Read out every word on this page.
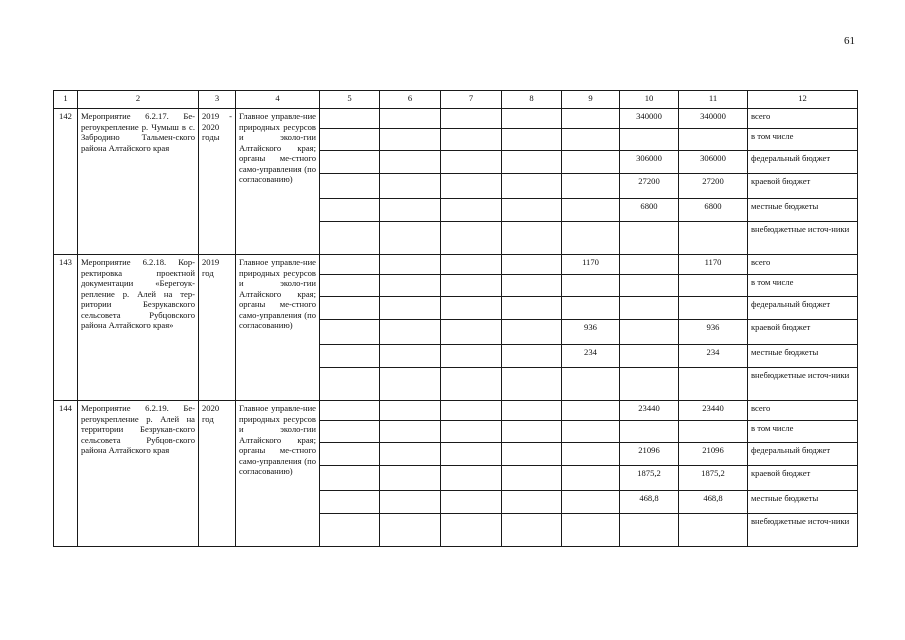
61
1	2	3	4	5	6	7	8	9	10	11	12
142	Мероприятие 6.2.17. Бе-регоукрепление р. Чумыш в с. Забродино Тальмен-ского района Алтайского края	2019 - 2020 годы	Главное управле-ние природных ресурсов и эколо-гии Алтайского края; органы ме-стного само-управления (по согласованию)						340000	340000	всего
											в том числе
									306000	306000	федеральный бюджет
									27200	27200	краевой бюджет
									6800	6800	местные бюджеты
											внебюджетные источ-ники
143	Мероприятие 6.2.18. Кор-ректировка проектной документации «Берегоук-репление р. Алей на тер-ритории Безрукавского сельсовета Рубцовского района Алтайского края»	2019 год	Главное управле-ние природных ресурсов и эколо-гии Алтайского края; органы ме-стного само-управления (по согласованию)					1170		1170	всего
											в том числе
											федеральный бюджет
								936		936	краевой бюджет
								234		234	местные бюджеты
											внебюджетные источ-ники
144	Мероприятие 6.2.19. Бе-регоукрепление р. Алей на территории Безрукав-ского сельсовета Рубцов-ского района Алтайского края	2020 год	Главное управле-ние природных ресурсов и эколо-гии Алтайского края; органы ме-стного само-управления (по согласованию)						23440	23440	всего
											в том числе
									21096	21096	федеральный бюджет
									1875,2	1875,2	краевой бюджет
									468,8	468,8	местные бюджеты
											внебюджетные источ-ники
